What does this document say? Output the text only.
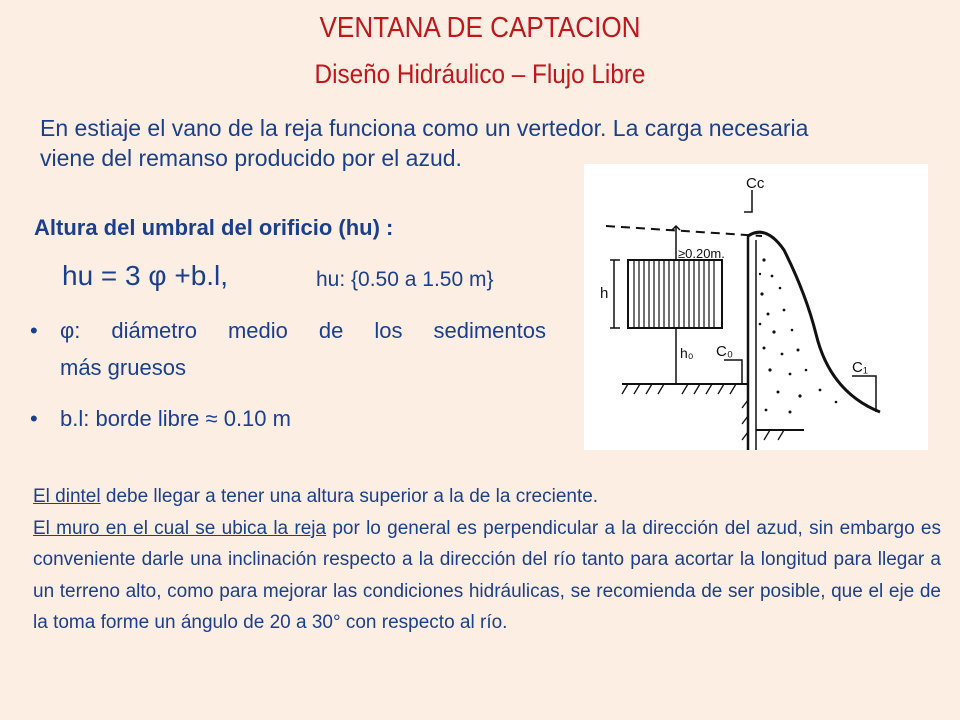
VENTANA DE CAPTACION
Diseño Hidráulico – Flujo Libre
En estiaje el vano de la reja funciona como un vertedor. La carga necesaria
viene del remanso producido por el azud.
Altura del umbral del orificio (hu) :
hu = 3 φ +b.l,	hu: {0.50 a 1.50 m}
• φ: diámetro medio de los sedimentos
más gruesos
• b.l: borde libre ≈ 0.10 m
Cc
≥0.20m.
h
h₀ C₀
C₁

El dintel debe llegar a tener una altura superior a la de la creciente.

El muro en el cual se ubica la reja por lo general es perpendicular a la dirección del azud, sin embargo es conveniente darle una inclinación respecto a la dirección del río tanto para acortar la longitud para llegar a un terreno alto, como para mejorar las condiciones hidráulicas, se recomienda de ser posible, que el eje de la toma forme un ángulo de 20 a 30° con respecto al río.
